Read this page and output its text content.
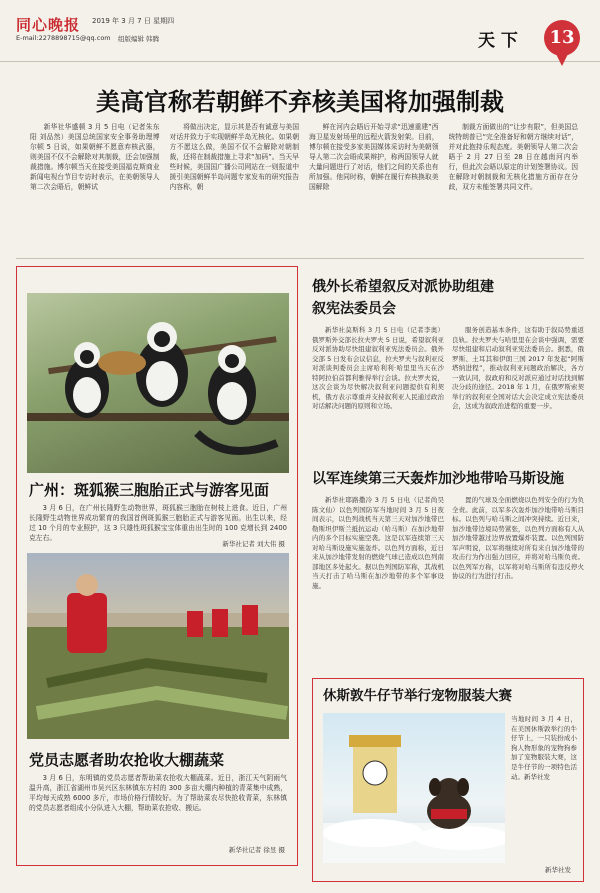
同心晚报 2019 年 3 月 7 日 星期四
E-mail:2278898715@qq.com 组版编辑 韩腾	天 下	13
美高官称若朝鲜不弃核美国将加强制裁

新华社华盛顿 3 月 5 日电（记者朱东阳 刘品然）美国总统国家安全事务助理博尔顿 5 日说，如果朝鲜不愿意弃核武器，则美国不仅不会解除对其制裁，还会加强制裁措施。博尔顿当天在接受美国福克斯商业新闻电视台节目专访时表示，在美朝领导人第二次会晤后，朝鲜试

将做出决定，显示其是否有诚意与美国对话并致力于实现朝鲜半岛无核化。如果朝方不愿这么做，美国不仅不会解除对朝制裁，还将在制裁措施上寻求“加码”。当天早些时候，美国国广播公司网站在一则报道中援引美国朝鲜半岛问题专家发布的研究报告内容称，朝

鲜在河内会晤后开始寻求“迅速重建”西海卫星发射场里的远程火箭发射架。目前，博尔顿在接受多家美国媒体采访时为美朝领导人第二次会晤成果辩护，称两国领导人就大量问题进行了对话，他们之间的关系也有所加强。他同时称，朝鲜在履行弃核换取美国解除

制裁方面做出的“让步有限”，但美国总统特朗普已“完全准备好和朝方继续对话”，并对此抱持乐观态度。美朝领导人第二次会晤于 2 月 27 日至 28 日在越南河内举行，但此次会晤以原定的计划签署协议。因在解除对朝制裁和无核化措施方面存在分歧，双方未能签署共同文件。

广州：斑狐猴三胞胎正式与游客见面
3 月 6 日，在广州长隆野生动物世界，斑狐猴三胞胎在树枝上进食。近日，广州长隆野生动物世界成功繁育的我国首例斑狐猴三胞胎正式与游客见面。出生以来，经过 10 个月的专业照护，这 3 只雄性斑狐猴宝宝体重由出生时的 100 克增长到 2400 克左右。
新华社记者 刘大伟 摄
党员志愿者助农抢收大棚蔬菜
3 月 6 日，东明镇的党员志愿者帮助菜农抢收大棚蔬菜。近日，浙江天气阴雨气温升高，浙江省湖州市吴兴区东林镇东方村的 300 多亩大棚内种植的青菜集中成熟，平均每天成熟 6000 多斤，市场价格行情较好。为了帮助菜农尽快抢收青菜，东林镇的党员志愿者组成小分队进入大棚，帮助菜农抢收、搬运。
新华社记者 徐昱 摄
俄外长希望叙反对派协助组建
叙宪法委员会

新华社莫斯科 3 月 5 日电（记者李奥）俄罗斯外交部长拉夫罗夫 5 日说，希望叙利亚反对派协助尽快组建叙利亚宪法委员会。俄外交部 5 日发布会议信息，拉夫罗夫与叙利亚反对派谈判委员会主席哈利利·哈里里当天在沙特阿拉伯首都利雅得举行会谈。拉夫罗夫说，这次会谈为尽快解决叙利亚问题提供有利契机，俄方表示尊重并支持叙利亚人民通过政治对话解决问题的原则和立场。

服务创造基本条件，这有助于叙局势重返良轨。拉夫罗夫与哈里里在会谈中强调，需要尽快组建和启动叙利亚宪法委员会。据悉，俄罗斯、土耳其和伊朗三国 2017 年发起“阿斯塔纳进程”，推动叙利亚问题政治解决，各方一致认同，叙政府和反对派应通过对话找到解决分歧的途径。2018 年 1 月，在俄罗斯索契举行的叙利亚全国对话大会决定成立宪法委员会，这成为叙政治进程的重要一步。

以军连续第三天轰炸加沙地带哈马斯设施

新华社耶路撒冷 3 月 5 日电（记者尚昊 陈文仙）以色列国防军当地时间 3 月 5 日夜间表示，以色列战机当天第三天对加沙地带巴勒斯坦伊斯兰抵抗运动（哈马斯）在加沙地带内的多个目标实施空袭。这是以军连续第三天对哈马斯设施实施轰炸。以色列方面称，近日来从加沙地带发射的燃烧气球已造成以色列南部地区多处起火。据以色列国防军称，其战机当天打击了哈马斯在加沙地带的多个军事设施。

置的气球及全面燃烧以色列安全的行为负全责。此前，以军多次轰炸加沙地带哈马斯目标。以色列与哈马斯之间冲突持续。近日来，加沙地带边境局势紧张，以色列方面称有人从加沙地带越过边界放置爆炸装置。以色列国防军声明说，以军将继续对所有来自加沙地带的攻击行为作出强力回应，并将对哈马斯负责。以色列军方称，以军将对哈马斯所有违反停火协议的行为进行打击。

休斯敦牛仔节举行宠物服装大赛
当地时间 3 月 4 日，在美国休斯敦举行的牛仔节上，一只装扮成小狗人物形象的宠物狗参加了宠物服装大赛，这是牛仔节的一项特色活动。新华社发
新华社发
